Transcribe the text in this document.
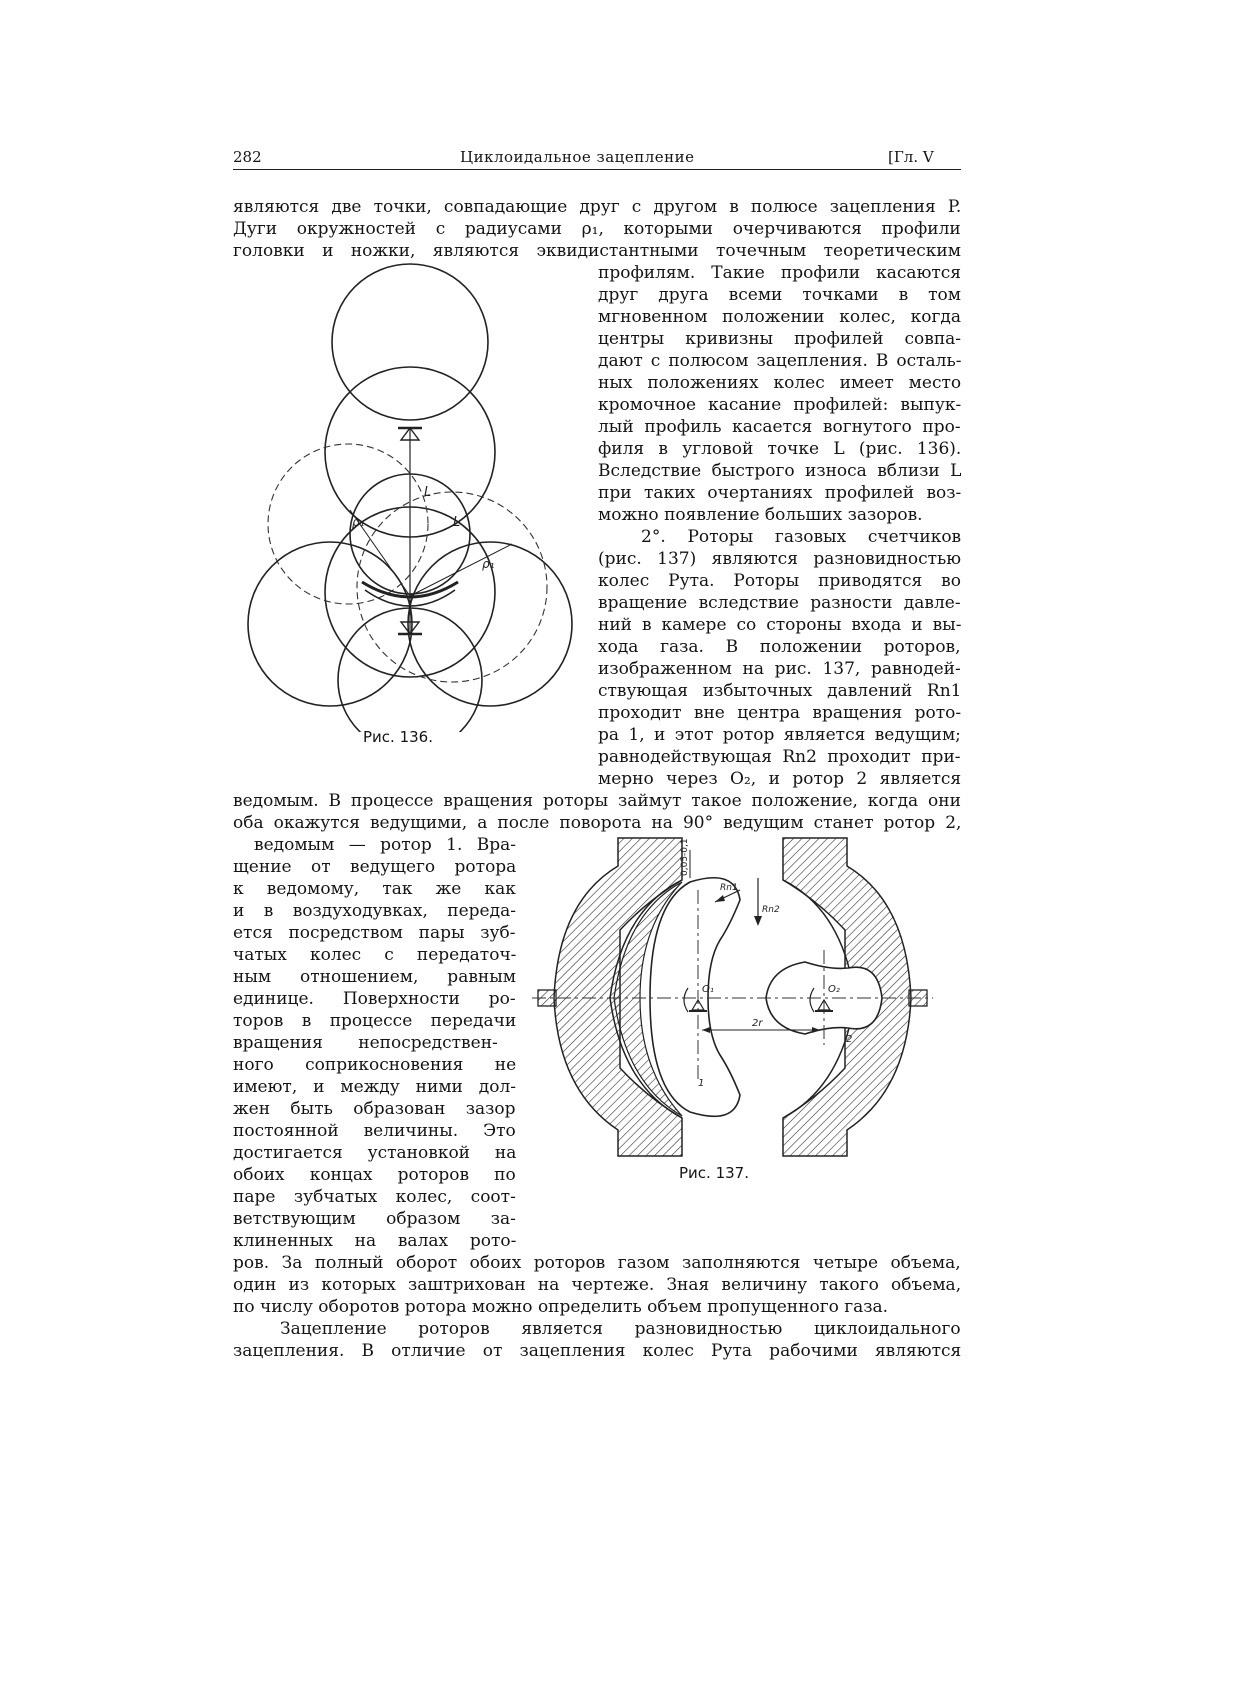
282	Циклоидальное зацепление	[Гл. V
являются две точки, совпадающие друг с другом в полюсе зацепления P.
Дуги окружностей с радиусами ρ₁, которыми очерчиваются профили
головки и ножки, являются эквидистантными точечным теоретическим
профилям. Такие профили касаются
друг друга всеми точками в том
мгновенном положении колес, когда
центры кривизны профилей совпа-
дают с полюсом зацепления. В осталь-
ных положениях колес имеет место
кромочное касание профилей: выпук-
лый профиль касается вогнутого про-
филя в угловой точке L (рис. 136).
Вследствие быстрого износа вблизи L
при таких очертаниях профилей воз-
можно появление больших зазоров.
2°. Роторы газовых счетчиков
(рис. 137) являются разновидностью
колес Рута. Роторы приводятся во
вращение вследствие разности давле-
ний в камере со стороны входа и вы-
хода газа. В положении роторов,
изображенном на рис. 137, равнодей-
ствующая избыточных давлений Rn1
проходит вне центра вращения рото-
ра 1, и этот ротор является ведущим;
равнодействующая Rn2 проходит при-
мерно через O₂, и ротор 2 является
ведомым. В процессе вращения роторы займут такое положение, когда они
оба окажутся ведущими, а после поворота на 90° ведущим станет ротор 2,
ведомым — ротор 1. Вра-
щение от ведущего ротора
к ведомому, так же как
и в воздуходувках, переда-
ется посредством пары зуб-
чатых колес с передаточ-
ным отношением, равным
единице. Поверхности ро-
торов в процессе передачи
вращения непосредствен-
ного соприкосновения не
имеют, и между ними дол-
жен быть образован зазор
постоянной величины. Это
достигается установкой на
обоих концах роторов по
паре зубчатых колес, соот-
ветствующим образом за-
клиненных на валах рото-
ров. За полный оборот обоих роторов газом заполняются четыре объема,
один из которых заштрихован на чертеже. Зная величину такого объема,
по числу оборотов ротора можно определить объем пропущенного газа.
Зацепление роторов является разновидностью циклоидального
зацепления. В отличие от зацепления колес Рута рабочими являются
L
L
ρ₁
ρ₁
Рис. 136.
0,05-0,1
Rn1
Rn2
O₁	O₂
2r
1
2
Рис. 137.
